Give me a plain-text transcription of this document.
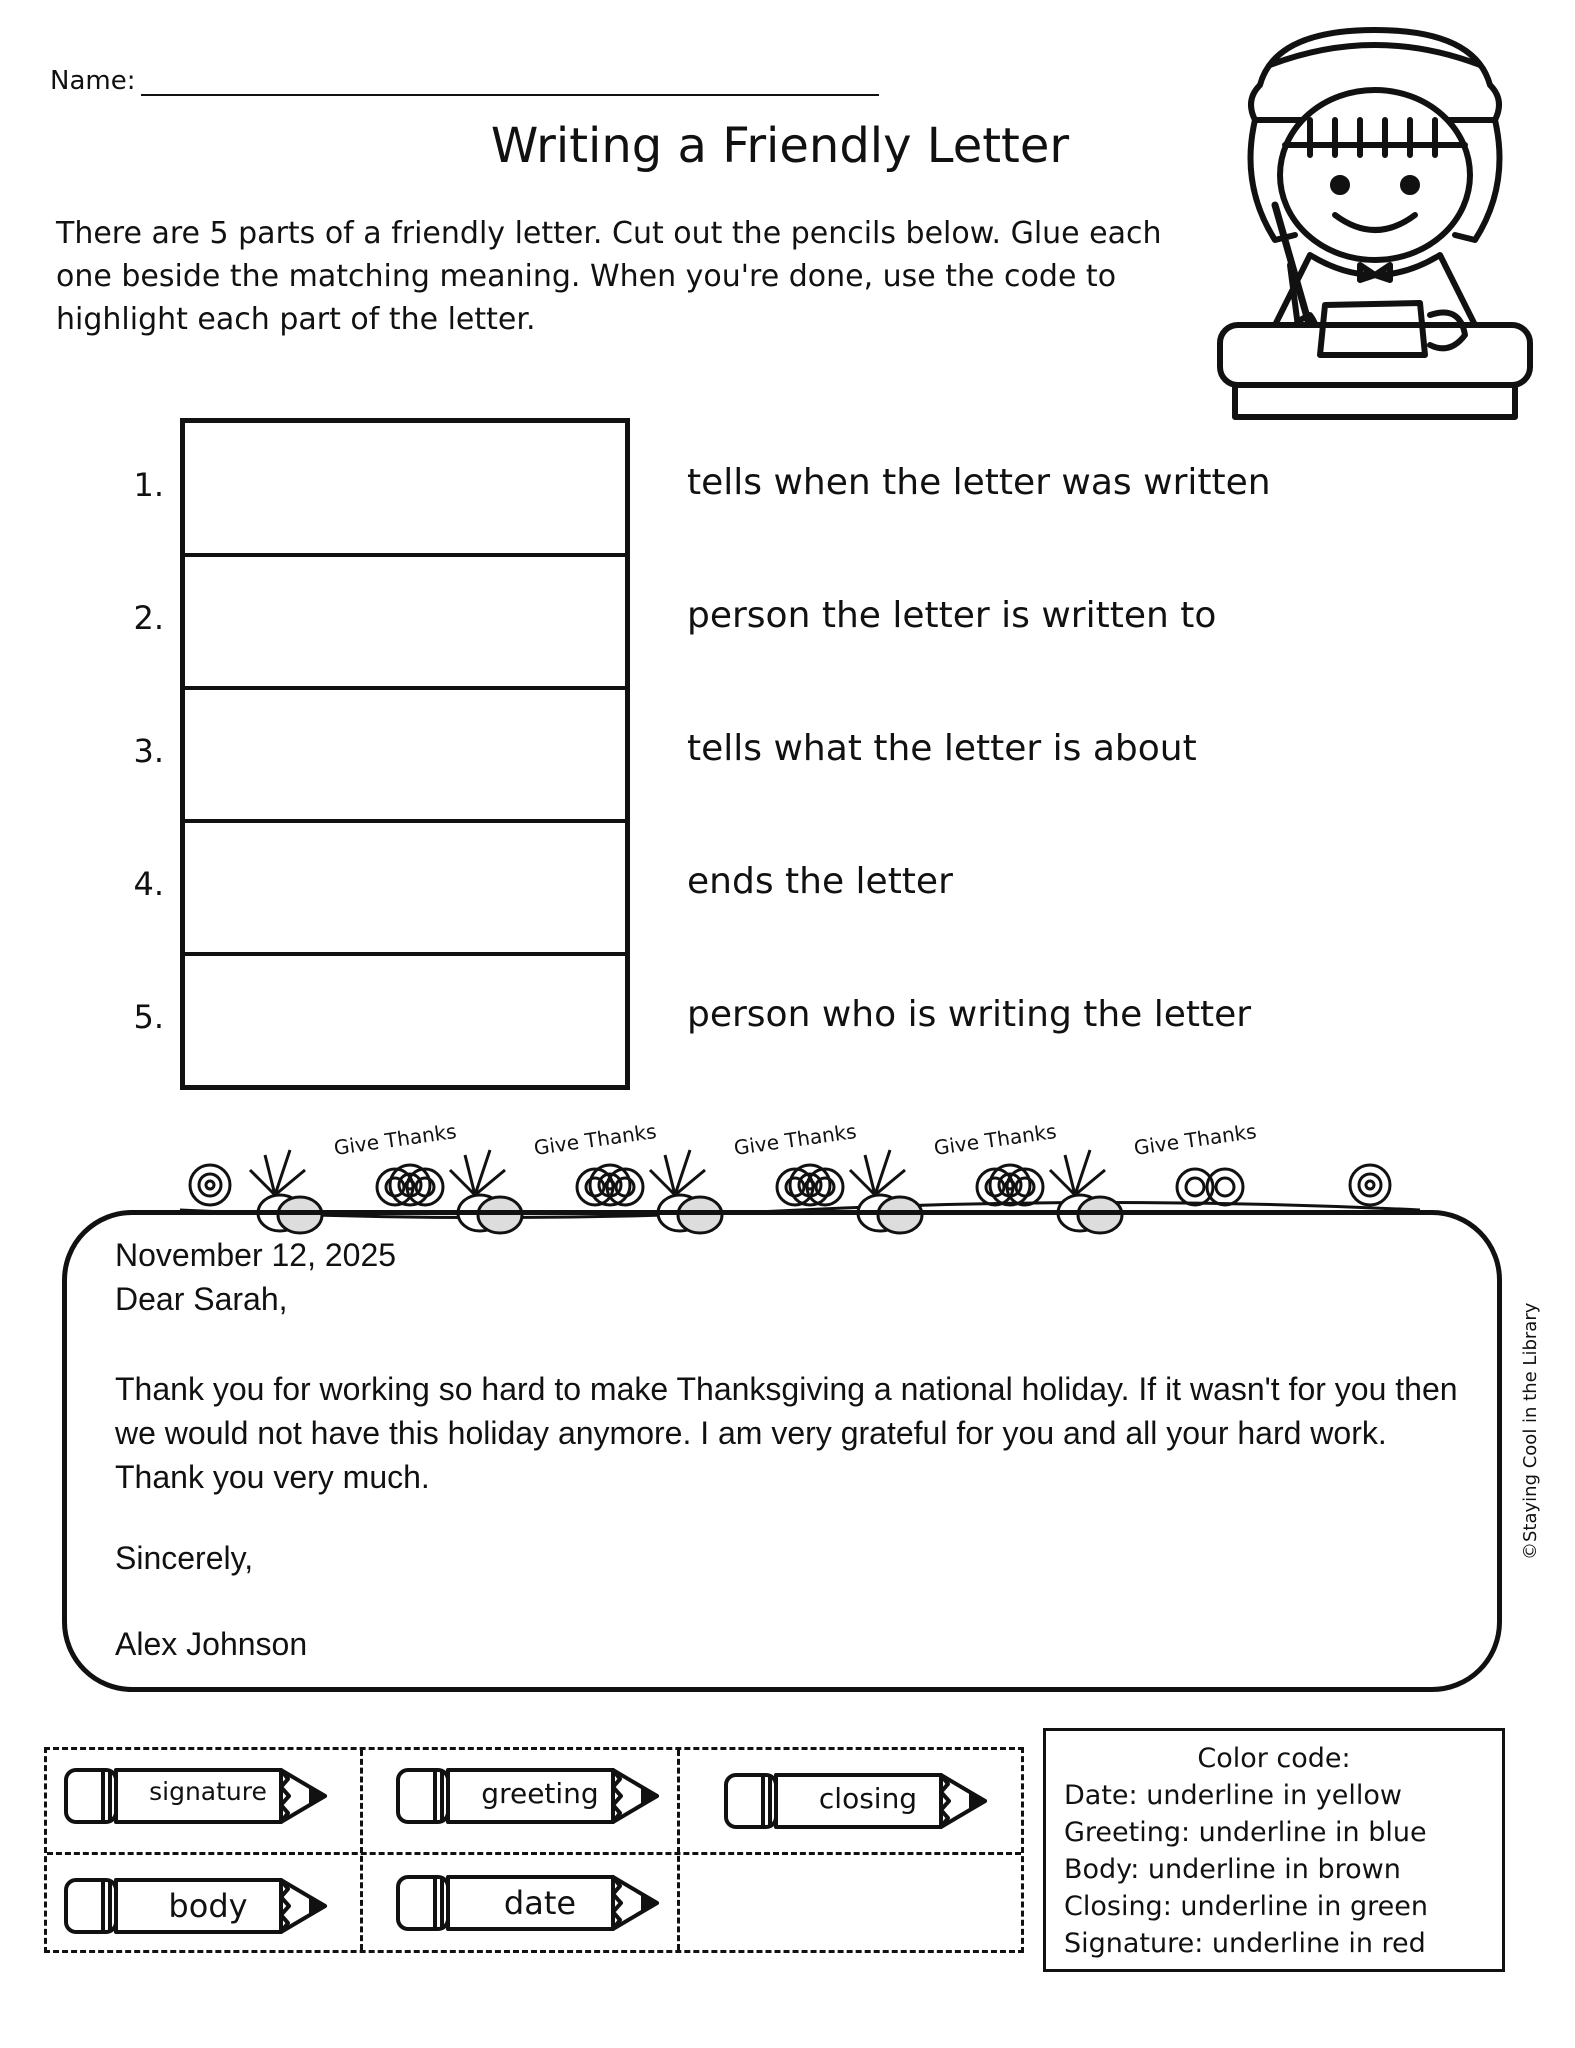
Name:
Writing a Friendly Letter
There are 5 parts of a friendly letter. Cut out the pencils below. Glue each one beside the matching meaning. When you're done, use the code to highlight each part of the letter.
1.	tells when the letter was written
2.	person the letter is written to
3.	tells what the letter is about
4.	ends the letter
5.	person who is writing the letter
Give Thanks	Give Thanks	Give Thanks	Give Thanks	Give Thanks
November 12, 2025
Dear Sarah,
Thank you for working so hard to make Thanksgiving a national holiday. If it wasn't for you then we would not have this holiday anymore. I am very grateful for you and all your hard work. Thank you very much.
Sincerely,
Alex Johnson
©Staying Cool in the Library
signature	greeting	closing
body	date
Color code:
Date: underline in yellow
Greeting: underline in blue
Body: underline in brown
Closing: underline in green
Signature: underline in red
